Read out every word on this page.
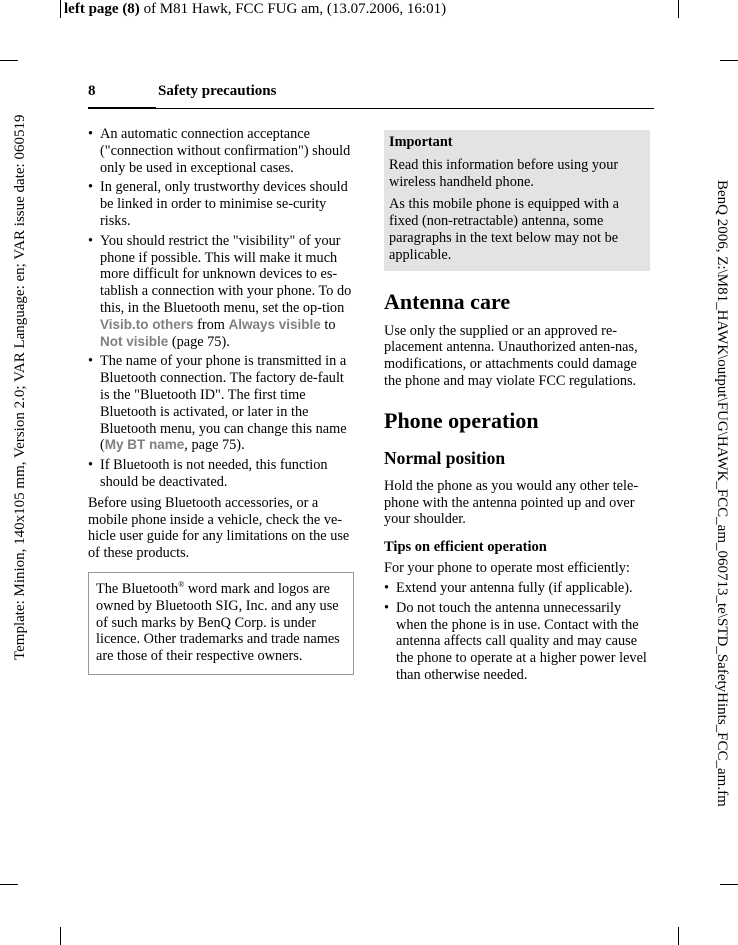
left page (8) of M81 Hawk, FCC FUG am, (13.07.2006, 16:01)
Template: Minion, 140x105 mm, Version 2.0; VAR Language: en; VAR issue date: 060519	BenQ 2006, Z:\M81_HAWK\output\FUG\HAWK_FCC_am_060713_te\STD_SafetyHints_FCC_am.fm
8	Safety precautions
• An automatic connection acceptance ("connection without confirmation") should only be used in exceptional cases.
• In general, only trustworthy devices should be linked in order to minimise se-curity risks.
• You should restrict the "visibility" of your phone if possible. This will make it much more difficult for unknown devices to es-tablish a connection with your phone. To do this, in the Bluetooth menu, set the op-tion Visib.to others from Always visible to Not visible (page 75).
• The name of your phone is transmitted in a Bluetooth connection. The factory de-fault is the "Bluetooth ID". The first time Bluetooth is activated, or later in the Bluetooth menu, you can change this name (My BT name, page 75).
• If Bluetooth is not needed, this function should be deactivated.

Before using Bluetooth accessories, or a mobile phone inside a vehicle, check the ve-hicle user guide for any limitations on the use of these products.

The Bluetooth® word mark and logos are owned by Bluetooth SIG, Inc. and any use of such marks by BenQ Corp. is under licence. Other trademarks and trade names are those of their respective owners.
Important

Read this information before using your wireless handheld phone.

As this mobile phone is equipped with a fixed (non-retractable) antenna, some paragraphs in the text below may not be applicable.

Antenna care

Use only the supplied or an approved re-placement antenna. Unauthorized anten-nas, modifications, or attachments could damage the phone and may violate FCC regulations.

Phone operation
Normal position

Hold the phone as you would any other tele-phone with the antenna pointed up and over your shoulder.

Tips on efficient operation

For your phone to operate most efficiently:

• Extend your antenna fully (if applicable).
• Do not touch the antenna unnecessarily when the phone is in use. Contact with the antenna affects call quality and may cause the phone to operate at a higher power level than otherwise needed.
